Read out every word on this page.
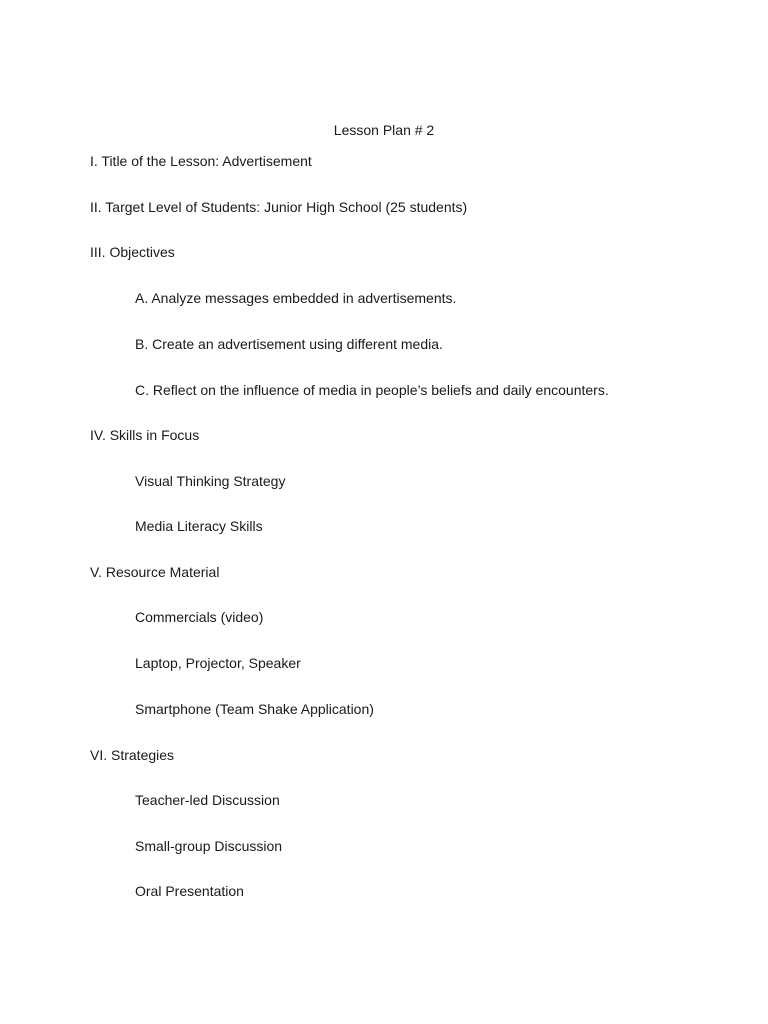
Lesson Plan # 2
I. Title of the Lesson: Advertisement
II. Target Level of Students: Junior High School (25 students)
III. Objectives
A. Analyze messages embedded in advertisements.
B. Create an advertisement using different media.
C. Reflect on the influence of media in people’s beliefs and daily encounters.
IV. Skills in Focus
Visual Thinking Strategy
Media Literacy Skills
V. Resource Material
Commercials (video)
Laptop, Projector, Speaker
Smartphone (Team Shake Application)
VI. Strategies
Teacher-led Discussion
Small-group Discussion
Oral Presentation
